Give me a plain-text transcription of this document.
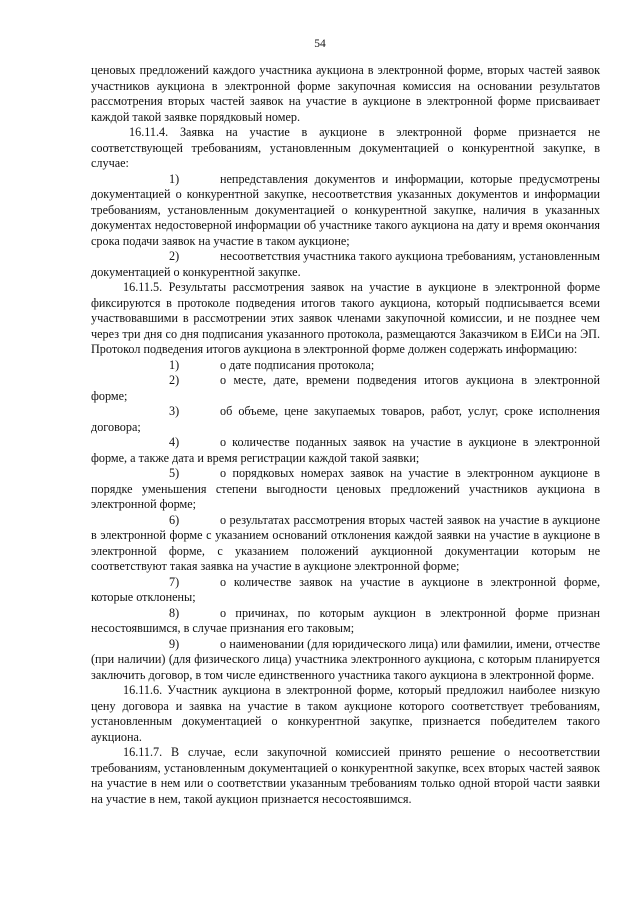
54

ценовых предложений каждого участника аукциона в электронной форме, вторых частей заявок участников аукциона в электронной форме закупочная комиссия на основании результатов рассмотрения вторых частей заявок на участие в аукционе в электронной форме присваивает каждой такой заявке порядковый номер.

16.11.4. Заявка на участие в аукционе в электронной форме признается не соответствующей требованиям, установленным документацией о конкурентной закупке, в случае:

1)	непредставления документов и информации, которые предусмотрены документацией о конкурентной закупке, несоответствия указанных документов и информации требованиям, установленным документацией о конкурентной закупке, наличия в указанных документах недостоверной информации об участнике такого аукциона на дату и время окончания срока подачи заявок на участие в таком аукционе;

2)	несоответствия участника такого аукциона требованиям, установленным документацией о конкурентной закупке.

16.11.5. Результаты рассмотрения заявок на участие в аукционе в электронной форме фиксируются в протоколе подведения итогов такого аукциона, который подписывается всеми участвовавшими в рассмотрении этих заявок членами закупочной комиссии, и не позднее чем через три дня со дня подписания указанного протокола, размещаются Заказчиком в ЕИСи на ЭП. Протокол подведения итогов аукциона в электронной форме должен содержать информацию:

1)	о дате подписания протокола;

2)	о месте, дате, времени подведения итогов аукциона в электронной форме;

3)	об объеме, цене закупаемых товаров, работ, услуг, сроке исполнения договора;

4)	о количестве поданных заявок на участие в аукционе в электронной форме, а также дата и время регистрации каждой такой заявки;

5)	о порядковых номерах заявок на участие в электронном аукционе в порядке уменьшения степени выгодности ценовых предложений участников аукциона в электронной форме;

6)	о результатах рассмотрения вторых частей заявок на участие в аукционе в электронной форме с указанием оснований отклонения каждой заявки на участие в аукционе в электронной форме, с указанием положений аукционной документации которым не соответствуют такая заявка на участие в аукционе электронной форме;

7)	о количестве заявок на участие в аукционе в электронной форме, которые отклонены;

8)	о причинах, по которым аукцион в электронной форме признан несостоявшимся, в случае признания его таковым;

9)	о наименовании (для юридического лица) или фамилии, имени, отчестве (при наличии) (для физического лица) участника электронного аукциона, с которым планируется заключить договор, в том числе единственного участника такого аукциона в электронной форме.

16.11.6. Участник аукциона в электронной форме, который предложил наиболее низкую цену договора и заявка на участие в таком аукционе которого соответствует требованиям, установленным документацией о конкурентной закупке, признается победителем такого аукциона.

16.11.7. В случае, если закупочной комиссией принято решение о несоответствии требованиям, установленным документацией о конкурентной закупке, всех вторых частей заявок на участие в нем или о соответствии указанным требованиям только одной второй части заявки на участие в нем, такой аукцион признается несостоявшимся.
